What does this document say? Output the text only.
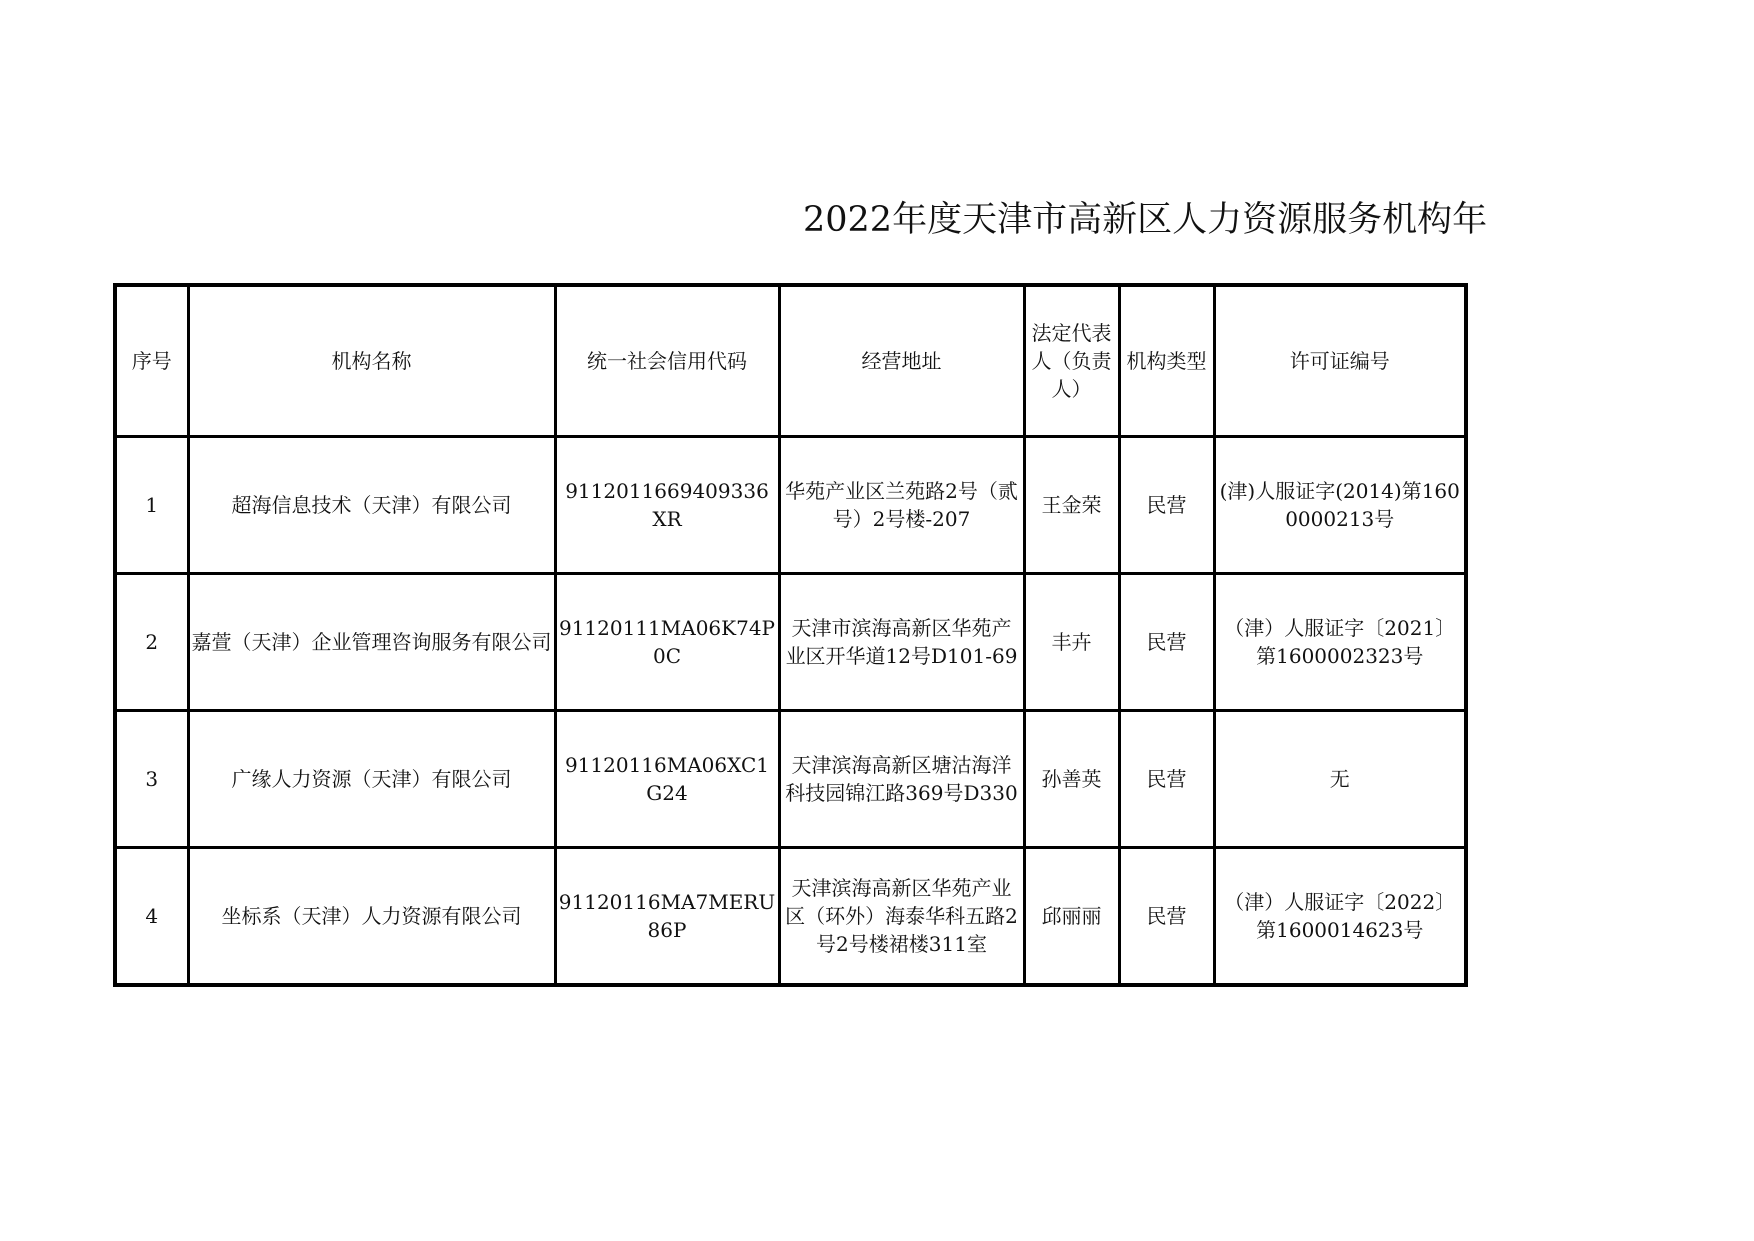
2022年度天津市高新区人力资源服务机构年
序号	机构名称	统一社会信用代码	经营地址	法定代表人（负责人）	机构类型	许可证编号
1	超海信息技术（天津）有限公司	9112011669409336XR	华苑产业区兰苑路2号（贰号）2号楼-207	王金荣	民营	(津)人服证字(2014)第1600000213号
2	嘉萱（天津）企业管理咨询服务有限公司	91120111MA06K74P0C	天津市滨海高新区华苑产业区开华道12号D101-69	丰卉	民营	（津）人服证字〔2021〕第1600002323号
3	广缘人力资源（天津）有限公司	91120116MA06XC1G24	天津滨海高新区塘沽海洋科技园锦江路369号D330	孙善英	民营	无
4	坐标系（天津）人力资源有限公司	91120116MA7MERU86P	天津滨海高新区华苑产业区（环外）海泰华科五路2号2号楼裙楼311室	邱丽丽	民营	（津）人服证字〔2022〕第1600014623号
